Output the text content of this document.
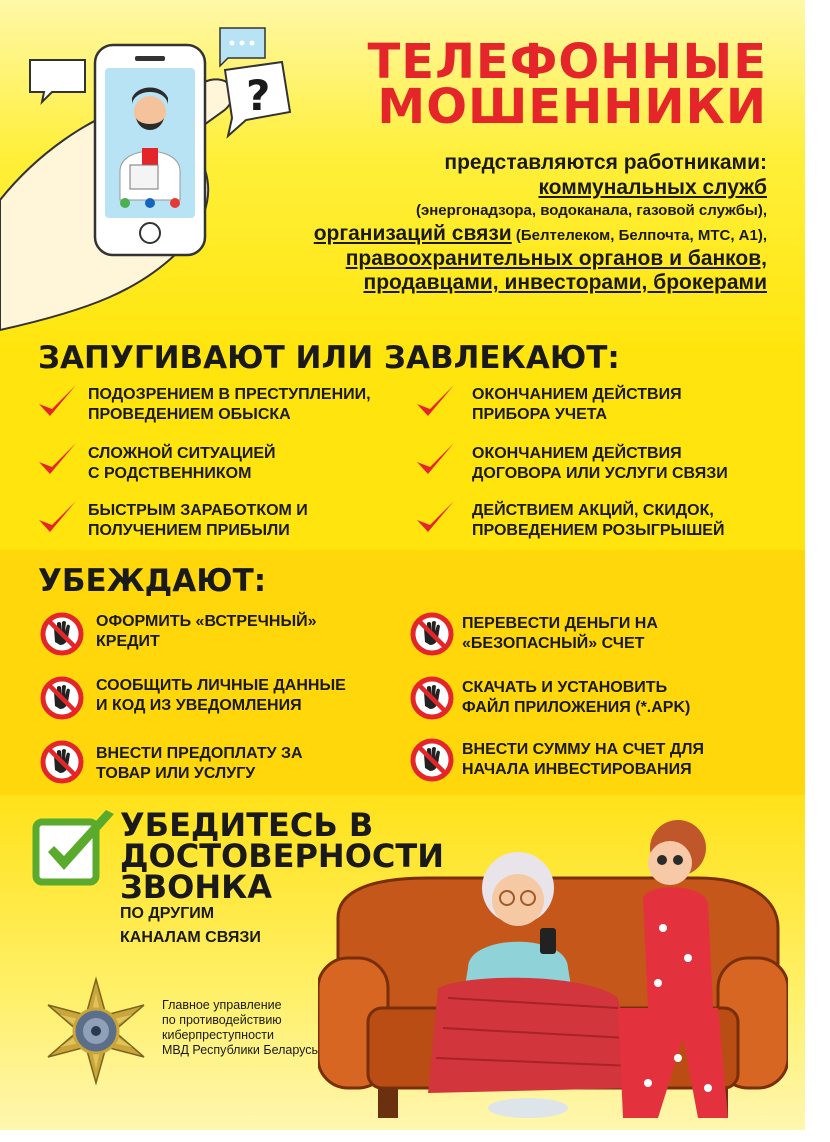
?
ТЕЛЕФОННЫЕ
МОШЕННИКИ
представляются работниками:
коммунальных служб
(энергонадзора, водоканала, газовой службы),
организаций связи (Белтелеком, Белпочта, МТС, А1),
правоохранительных органов и банков,
продавцами, инвесторами, брокерами
ЗАПУГИВАЮТ ИЛИ ЗАВЛЕКАЮТ:
ПОДОЗРЕНИЕМ В ПРЕСТУПЛЕНИИ,
ПРОВЕДЕНИЕМ ОБЫСКА
СЛОЖНОЙ СИТУАЦИЕЙ
С РОДСТВЕННИКОМ
БЫСТРЫМ ЗАРАБОТКОМ И
ПОЛУЧЕНИЕМ ПРИБЫЛИ
ОКОНЧАНИЕМ ДЕЙСТВИЯ
ПРИБОРА УЧЕТА
ОКОНЧАНИЕМ ДЕЙСТВИЯ
ДОГОВОРА ИЛИ УСЛУГИ СВЯЗИ
ДЕЙСТВИЕМ АКЦИЙ, СКИДОК,
ПРОВЕДЕНИЕМ РОЗЫГРЫШЕЙ
УБЕЖДАЮТ:
ОФОРМИТЬ «ВСТРЕЧНЫЙ»
КРЕДИТ
СООБЩИТЬ ЛИЧНЫЕ ДАННЫЕ
И КОД ИЗ УВЕДОМЛЕНИЯ
ВНЕСТИ ПРЕДОПЛАТУ ЗА
ТОВАР ИЛИ УСЛУГУ
ПЕРЕВЕСТИ ДЕНЬГИ НА
«БЕЗОПАСНЫЙ» СЧЕТ
СКАЧАТЬ И УСТАНОВИТЬ
ФАЙЛ ПРИЛОЖЕНИЯ (*.APK)
ВНЕСТИ СУММУ НА СЧЕТ ДЛЯ
НАЧАЛА ИНВЕСТИРОВАНИЯ
УБЕДИТЕСЬ В
ДОСТОВЕРНОСТИ
ЗВОНКА
ПО ДРУГИМ
КАНАЛАМ СВЯЗИ
Главное управление
по противодействию
киберпреступности
МВД Республики Беларусь
